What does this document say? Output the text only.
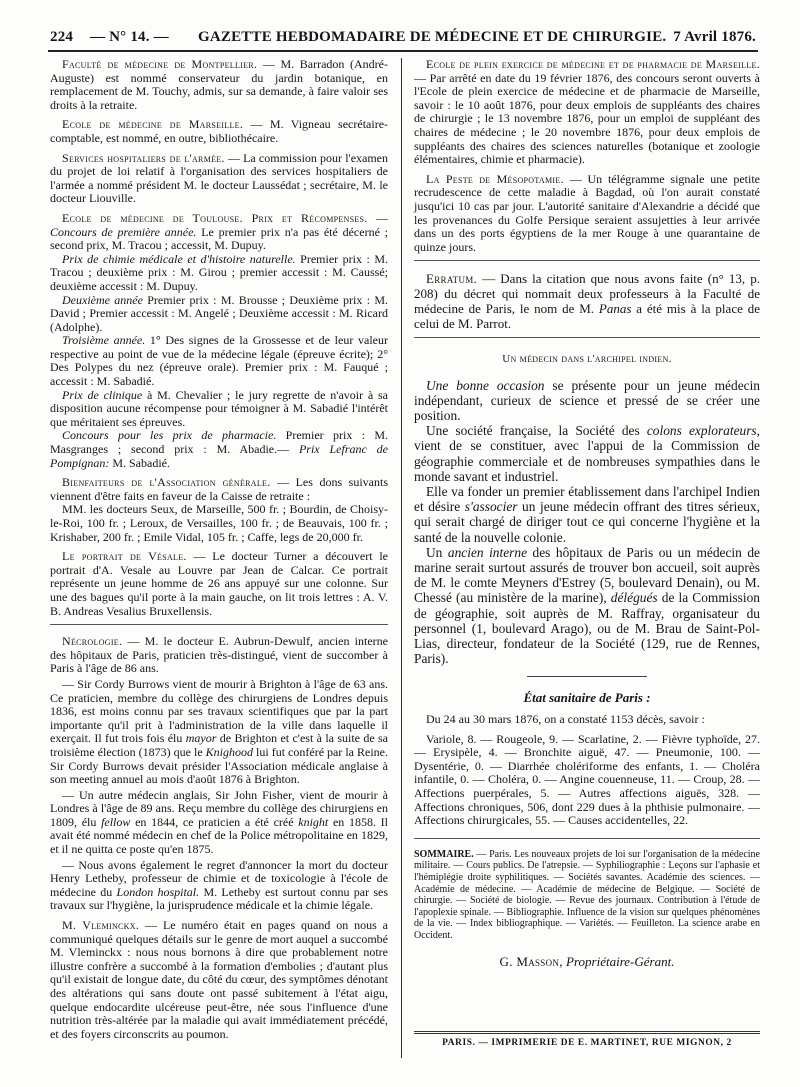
224 — N° 14. — GAZETTE HEBDOMADAIRE DE MÉDECINE ET DE CHIRURGIE. 7 Avril 1876.

Faculté de médecine de Montpellier. — M. Barradon (André-Auguste) est nommé conservateur du jardin botanique, en remplacement de M. Touchy, admis, sur sa demande, à faire valoir ses droits à la retraite.

Ecole de médecine de Marseille. — M. Vigneau secrétaire-comptable, est nommé, en outre, bibliothécaire.

Services hospitaliers de l'armée. — La commission pour l'examen du projet de loi relatif à l'organisation des services hospitaliers de l'armée a nommé président M. le docteur Laussédat ; secrétaire, M. le docteur Liouville.

Ecole de médecine de Toulouse. Prix et Récompenses. — Concours de première année. Le premier prix n'a pas été décerné ; second prix, M. Tracou ; accessit, M. Dupuy.

Prix de chimie médicale et d'histoire naturelle. Premier prix : M. Tracou ; deuxième prix : M. Girou ; premier accessit : M. Caussé; deuxième accessit : M. Dupuy.

Deuxième année Premier prix : M. Brousse ; Deuxième prix : M. David ; Premier accessit : M. Angelé ; Deuxième accessit : M. Ricard (Adolphe).

Troisième année. 1° Des signes de la Grossesse et de leur valeur respective au point de vue de la médecine légale (épreuve écrite); 2° Des Polypes du nez (épreuve orale). Premier prix : M. Fauqué ; accessit : M. Sabadié.

Prix de clinique à M. Chevalier ; le jury regrette de n'avoir à sa disposition aucune récompense pour témoigner à M. Sabadié l'intérêt que méritaient ses épreuves.

Concours pour les prix de pharmacie. Premier prix : M. Masgranges ; second prix : M. Abadie.— Prix Lefranc de Pompignan: M. Sabadié.

Bienfaiteurs de l'Association générale. — Les dons suivants viennent d'être faits en faveur de la Caisse de retraite :

MM. les docteurs Seux, de Marseille, 500 fr. ; Bourdin, de Choisy-le-Roi, 100 fr. ; Leroux, de Versailles, 100 fr. ; de Beauvais, 100 fr. ; Krishaber, 200 fr. ; Emile Vidal, 105 fr. ; Caffe, legs de 20,000 fr.

Le portrait de Vésale. — Le docteur Turner a découvert le portrait d'A. Vesale au Louvre par Jean de Calcar. Ce portrait représente un jeune homme de 26 ans appuyé sur une colonne. Sur une des bagues qu'il porte à la main gauche, on lit trois lettres : A. V. B. Andreas Vesalius Bruxellensis.

Nécrologie. — M. le docteur E. Aubrun-Dewulf, ancien interne des hôpitaux de Paris, praticien très-distingué, vient de succomber à Paris à l'âge de 86 ans.

— Sir Cordy Burrows vient de mourir à Brighton à l'âge de 63 ans. Ce praticien, membre du collège des chirurgiens de Londres depuis 1836, est moins connu par ses travaux scientifiques que par la part importante qu'il prit à l'administration de la ville dans laquelle il exerçait. Il fut trois fois élu mayor de Brighton et c'est à la suite de sa troisième élection (1873) que le Knighood lui fut conféré par la Reine. Sir Cordy Burrows devait présider l'Association médicale anglaise à son meeting annuel au mois d'août 1876 à Brighton.

— Un autre médecin anglais, Sir John Fisher, vient de mourir à Londres à l'âge de 89 ans. Reçu membre du collège des chirurgiens en 1809, élu fellow en 1844, ce praticien a été créé knight en 1858. Il avait été nommé médecin en chef de la Police métropolitaine en 1829, et il ne quitta ce poste qu'en 1875.

— Nous avons également le regret d'annoncer la mort du docteur Henry Letheby, professeur de chimie et de toxicologie à l'école de médecine du London hospital. M. Letheby est surtout connu par ses travaux sur l'hygiène, la jurisprudence médicale et la chimie légale.

M. Vleminckx. — Le numéro était en pages quand on nous a communiqué quelques détails sur le genre de mort auquel a succombé M. Vleminckx : nous nous bornons à dire que probablement notre illustre confrère a succombé à la formation d'embolies ; d'autant plus qu'il existait de longue date, du côté du cœur, des symptômes dénotant des altérations qui sans doute ont passé subitement à l'état aigu, quelque endocardite ulcéreuse peut-être, née sous l'influence d'une nutrition très-altérée par la maladie qui avait immédiatement précédé, et des foyers circonscrits au poumon.

Ecole de plein exercice de médecine et de pharmacie de Marseille. — Par arrêté en date du 19 février 1876, des concours seront ouverts à l'Ecole de plein exercice de médecine et de pharmacie de Marseille, savoir : le 10 août 1876, pour deux emplois de suppléants des chaires de chirurgie ; le 13 novembre 1876, pour un emploi de suppléant des chaires de médecine ; le 20 novembre 1876, pour deux emplois de suppléants des chaires des sciences naturelles (botanique et zoologie élémentaires, chimie et pharmacie).

La Peste de Mésopotamie. — Un télégramme signale une petite recrudescence de cette maladie à Bagdad, où l'on aurait constaté jusqu'ici 10 cas par jour. L'autorité sanitaire d'Alexandrie a décidé que les provenances du Golfe Persique seraient assujetties à leur arrivée dans un des ports égyptiens de la mer Rouge à une quarantaine de quinze jours.

Erratum. — Dans la citation que nous avons faite (n° 13, p. 208) du décret qui nommait deux professeurs à la Faculté de médecine de Paris, le nom de M. Panas a été mis à la place de celui de M. Parrot.

Un médecin dans l'archipel indien.

Une bonne occasion se présente pour un jeune médecin indépendant, curieux de science et pressé de se créer une position.

Une société française, la Société des colons explorateurs, vient de se constituer, avec l'appui de la Commission de géographie commerciale et de nombreuses sympathies dans le monde savant et industriel.

Elle va fonder un premier établissement dans l'archipel Indien et désire s'associer un jeune médecin offrant des titres sérieux, qui serait chargé de diriger tout ce qui concerne l'hygiène et la santé de la nouvelle colonie.

Un ancien interne des hôpitaux de Paris ou un médecin de marine serait surtout assurés de trouver bon accueil, soit auprès de M. le comte Meyners d'Estrey (5, boulevard Denain), ou M. Chessé (au ministère de la marine), délégués de la Commission de géographie, soit auprès de M. Raffray, organisateur du personnel (1, boulevard Arago), ou de M. Brau de Saint-Pol-Lias, directeur, fondateur de la Société (129, rue de Rennes, Paris).

État sanitaire de Paris :

Du 24 au 30 mars 1876, on a constaté 1153 décès, savoir :

Variole, 8. — Rougeole, 9. — Scarlatine, 2. — Fièvre typhoïde, 27. — Erysipèle, 4. — Bronchite aiguë, 47. — Pneumonie, 100. — Dysentérie, 0. — Diarrhée cholériforme des enfants, 1. — Choléra infantile, 0. — Choléra, 0. — Angine couenneuse, 11. — Croup, 28. — Affections puerpérales, 5. — Autres affections aiguës, 328. — Affections chroniques, 506, dont 229 dues à la phthisie pulmonaire. — Affections chirurgicales, 55. — Causes accidentelles, 22.

SOMMAIRE. — Paris. Les nouveaux projets de loi sur l'organisation de la médecine militaire. — Cours publics. De l'atrepsie. — Syphiliographie : Leçons sur l'aphasie et l'hémiplégie droite syphilitiques. — Sociétés savantes. Académie des sciences. — Académie de médecine. — Académie de médecine de Belgique. — Société de chirurgie. — Société de biologie. — Revue des journaux. Contribution à l'étude de l'apoplexie spinale. — Bibliographie. Influence de la vision sur quelques phénomènes de la vie. — Index bibliographique. — Variétés. — Feuilleton. La science arabe en Occident.

G. Masson, Propriétaire-Gérant.

PARIS. — IMPRIMERIE DE E. MARTINET, RUE MIGNON, 2
